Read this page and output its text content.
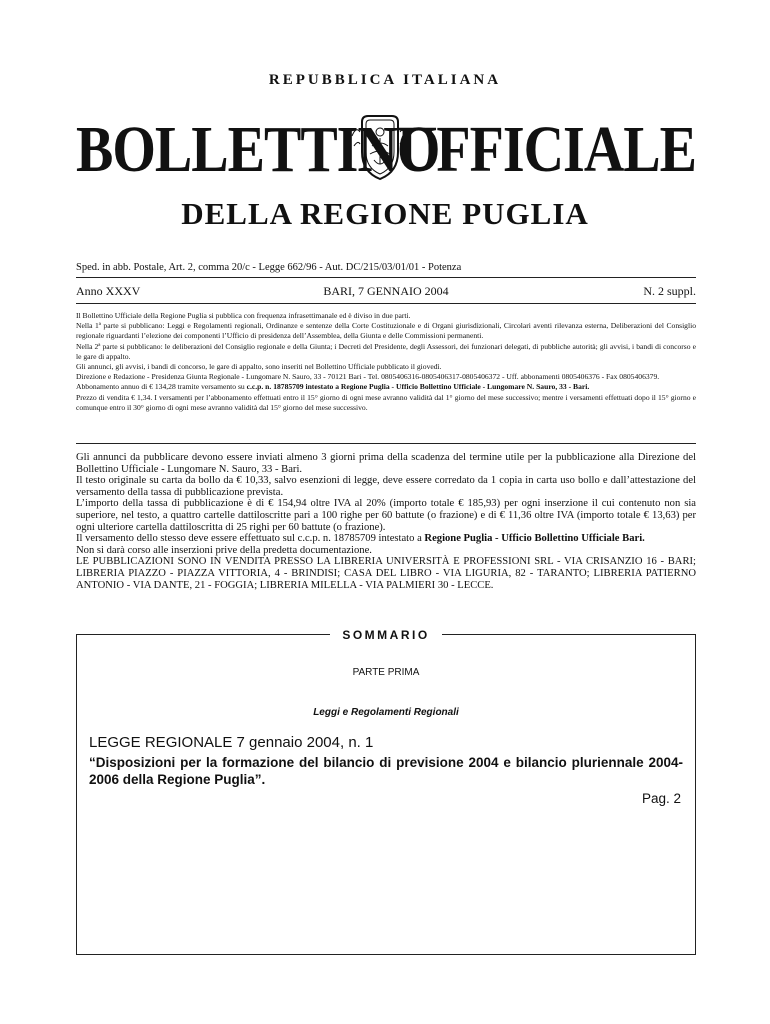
REPUBBLICA ITALIANA
BOLLETTINO
UFFICIALE
DELLA REGIONE PUGLIA
Sped. in abb. Postale, Art. 2, comma 20/c - Legge 662/96 - Aut. DC/215/03/01/01 - Potenza
Anno XXXV	BARI, 7 GENNAIO 2004	N. 2 suppl.

Il Bollettino Ufficiale della Regione Puglia si pubblica con frequenza infrasettimanale ed è diviso in due parti.

Nella 1ª parte si pubblicano: Leggi e Regolamenti regionali, Ordinanze e sentenze della Corte Costituzionale e di Organi giurisdizionali, Circolari aventi rilevanza esterna, Deliberazioni del Consiglio regionale riguardanti l’elezione dei componenti l’Ufficio di presidenza dell’Assemblea, della Giunta e delle Commissioni permanenti.

Nella 2ª parte si pubblicano: le deliberazioni del Consiglio regionale e della Giunta; i Decreti del Presidente, degli Assessori, dei funzionari delegati, di pubbliche autorità; gli avvisi, i bandi di concorso e le gare di appalto.

Gli annunci, gli avvisi, i bandi di concorso, le gare di appalto, sono inseriti nel Bollettino Ufficiale pubblicato il giovedì.

Direzione e Redazione - Presidenza Giunta Regionale - Lungomare N. Sauro, 33 - 70121 Bari - Tel. 0805406316-0805406317-0805406372 - Uff. abbonamenti 0805406376 - Fax 0805406379.

Abbonamento annuo di € 134,28 tramite versamento su c.c.p. n. 18785709 intestato a Regione Puglia - Ufficio Bollettino Ufficiale - Lungomare N. Sauro, 33 - Bari.

Prezzo di vendita € 1,34. I versamenti per l’abbonamento effettuati entro il 15° giorno di ogni mese avranno validità dal 1° giorno del mese successivo; mentre i versamenti effettuati dopo il 15° giorno e comunque entro il 30° giorno di ogni mese avranno validità dal 15° giorno del mese successivo.

Gli annunci da pubblicare devono essere inviati almeno 3 giorni prima della scadenza del termine utile per la pubblicazione alla Direzione del Bollettino Ufficiale - Lungomare N. Sauro, 33 - Bari.

Il testo originale su carta da bollo da € 10,33, salvo esenzioni di legge, deve essere corredato da 1 copia in carta uso bollo e dall’attestazione del versamento della tassa di pubblicazione prevista.

L’importo della tassa di pubblicazione è di € 154,94 oltre IVA al 20% (importo totale € 185,93) per ogni inserzione il cui contenuto non sia superiore, nel testo, a quattro cartelle dattiloscritte pari a 100 righe per 60 battute (o frazione) e di € 11,36 oltre IVA (importo totale € 13,63) per ogni ulteriore cartella dattiloscritta di 25 righi per 60 battute (o frazione).

Il versamento dello stesso deve essere effettuato sul c.c.p. n. 18785709 intestato a Regione Puglia - Ufficio Bollettino Ufficiale Bari.

Non si darà corso alle inserzioni prive della predetta documentazione.

LE PUBBLICAZIONI SONO IN VENDITA PRESSO LA LIBRERIA UNIVERSITÀ E PROFESSIONI SRL - VIA CRISANZIO 16 - BARI; LIBRERIA PIAZZO - PIAZZA VITTORIA, 4 - BRINDISI; CASA DEL LIBRO - VIA LIGURIA, 82 - TARANTO; LIBRERIA PATIERNO ANTONIO - VIA DANTE, 21 - FOGGIA; LIBRERIA MILELLA - VIA PALMIERI 30 - LECCE.

SOMMARIO
PARTE PRIMA
Leggi e Regolamenti Regionali
LEGGE REGIONALE 7 gennaio 2004, n. 1
“Disposizioni per la formazione del bilancio di previsione 2004 e bilancio pluriennale 2004-2006 della Regione Puglia”.
Pag. 2
